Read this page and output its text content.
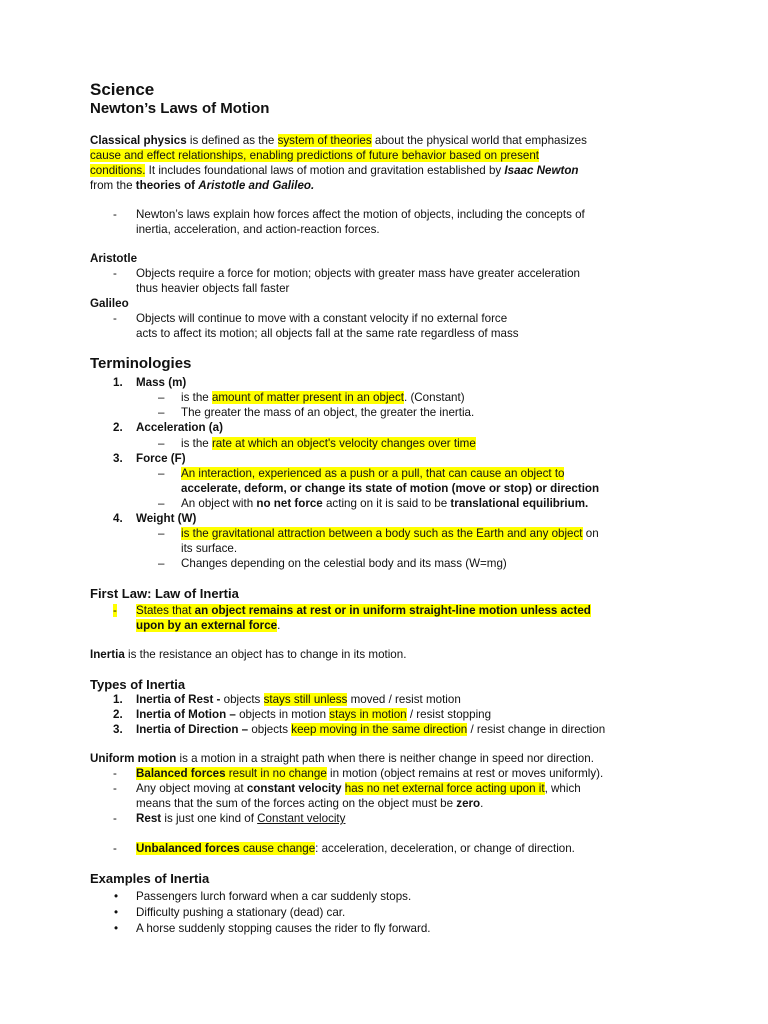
Science
Newton’s Laws of Motion
Classical physics is defined as the system of theories about the physical world that emphasizes
cause and effect relationships, enabling predictions of future behavior based on present
conditions. It includes foundational laws of motion and gravitation established by Isaac Newton
from the theories of Aristotle and Galileo.
- Newton’s laws explain how forces affect the motion of objects, including the concepts of
inertia, acceleration, and action-reaction forces.
Aristotle
- Objects require a force for motion; objects with greater mass have greater acceleration
thus heavier objects fall faster
Galileo
- Objects will continue to move with a constant velocity if no external force
acts to affect its motion; all objects fall at the same rate regardless of mass
Terminologies
1. Mass (m)
– is the amount of matter present in an object. (Constant)
– The greater the mass of an object, the greater the inertia.
2. Acceleration (a)
– is the rate at which an object's velocity changes over time
3. Force (F)
– An interaction, experienced as a push or a pull, that can cause an object to
accelerate, deform, or change its state of motion (move or stop) or direction
– An object with no net force acting on it is said to be translational equilibrium.
4. Weight (W)
– is the gravitational attraction between a body such as the Earth and any object on
its surface.
– Changes depending on the celestial body and its mass (W=mg)
First Law: Law of Inertia
- States that an object remains at rest or in uniform straight-line motion unless acted
upon by an external force.
Inertia is the resistance an object has to change in its motion.
Types of Inertia
1. Inertia of Rest - objects stays still unless moved / resist motion
2. Inertia of Motion – objects in motion stays in motion / resist stopping
3. Inertia of Direction – objects keep moving in the same direction / resist change in direction
Uniform motion is a motion in a straight path when there is neither change in speed nor direction.
- Balanced forces result in no change in motion (object remains at rest or moves uniformly).
- Any object moving at constant velocity has no net external force acting upon it, which
means that the sum of the forces acting on the object must be zero.
- Rest is just one kind of Constant velocity
- Unbalanced forces cause change: acceleration, deceleration, or change of direction.
Examples of Inertia
• Passengers lurch forward when a car suddenly stops.
• Difficulty pushing a stationary (dead) car.
• A horse suddenly stopping causes the rider to fly forward.
